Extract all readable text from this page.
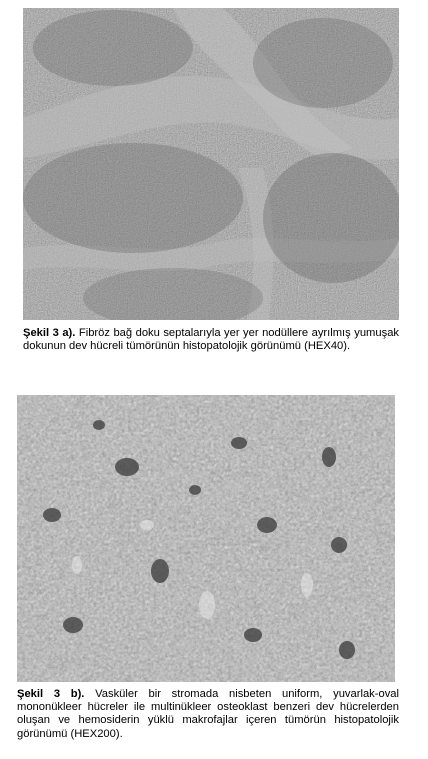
Şekil 3 a). Fibröz bağ doku septalarıyla yer yer nodüllere ayrılmış yumuşak dokunun dev hücreli tümörünün histopatolojik görünümü (HEX40).

Şekil 3 b). Vasküler bir stromada nisbeten uniform, yuvarlak-oval mononükleer hücreler ile multinükleer osteoklast benzeri dev hücrelerden oluşan ve hemosiderin yüklü makrofajlar içeren tümörün histopatolojik görünümü (HEX200).
